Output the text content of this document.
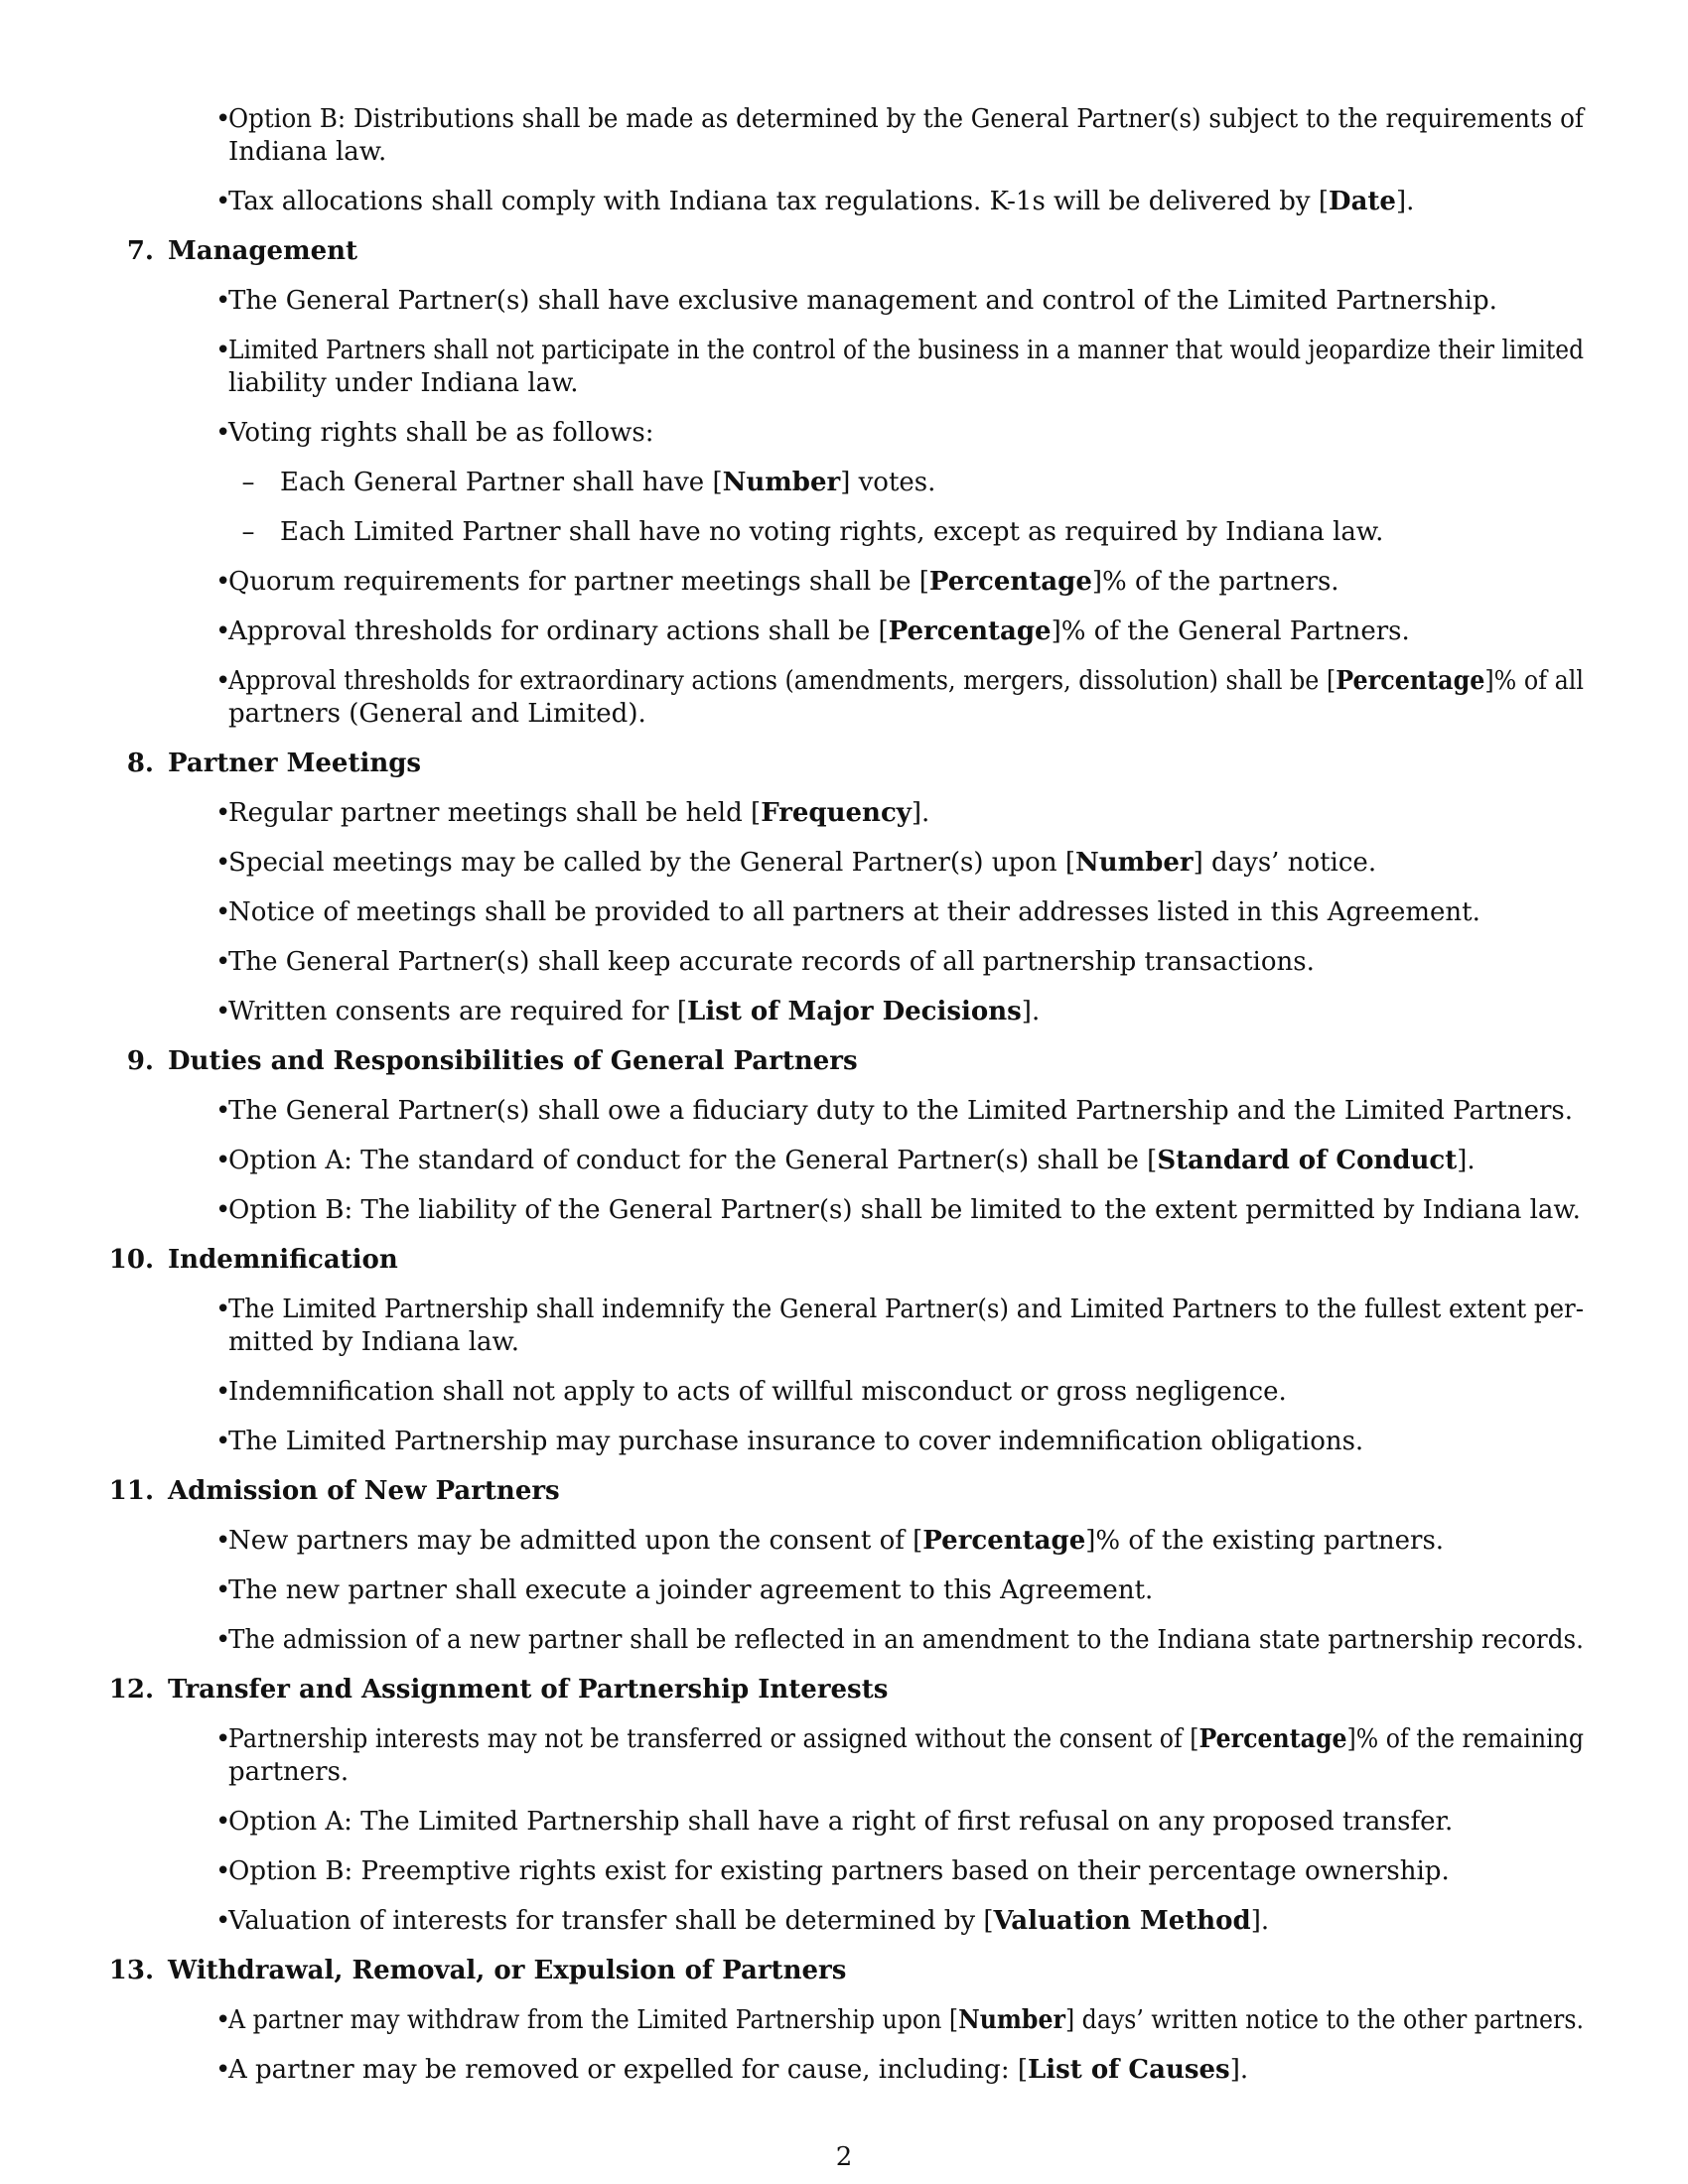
2
•
Option B: Distributions shall be made as determined by the General Partner(s) subject to the requirements of
Indiana law.
•
Tax allocations shall comply with Indiana tax regulations. K-1s will be delivered by [Date].
7. Management
•
The General Partner(s) shall have exclusive management and control of the Limited Partnership.
•
Limited Partners shall not participate in the control of the business in a manner that would jeopardize their limited
liability under Indiana law.
•
Voting rights shall be as follows:
– Each General Partner shall have [Number] votes.
– Each Limited Partner shall have no voting rights, except as required by Indiana law.
•
Quorum requirements for partner meetings shall be [Percentage]% of the partners.
•
Approval thresholds for ordinary actions shall be [Percentage]% of the General Partners.
•
Approval thresholds for extraordinary actions (amendments, mergers, dissolution) shall be [Percentage]% of all
partners (General and Limited).
8. Partner Meetings
•
Regular partner meetings shall be held [Frequency].
•
Special meetings may be called by the General Partner(s) upon [Number] days’ notice.
•
Notice of meetings shall be provided to all partners at their addresses listed in this Agreement.
•
The General Partner(s) shall keep accurate records of all partnership transactions.
•
Written consents are required for [List of Major Decisions].
9. Duties and Responsibilities of General Partners
•
The General Partner(s) shall owe a fiduciary duty to the Limited Partnership and the Limited Partners.
•
Option A: The standard of conduct for the General Partner(s) shall be [Standard of Conduct].
•
Option B: The liability of the General Partner(s) shall be limited to the extent permitted by Indiana law.
10. Indemnification
•
The Limited Partnership shall indemnify the General Partner(s) and Limited Partners to the fullest extent per-
mitted by Indiana law.
•
Indemnification shall not apply to acts of willful misconduct or gross negligence.
•
The Limited Partnership may purchase insurance to cover indemnification obligations.
11. Admission of New Partners
•
New partners may be admitted upon the consent of [Percentage]% of the existing partners.
•
The new partner shall execute a joinder agreement to this Agreement.
•
The admission of a new partner shall be reflected in an amendment to the Indiana state partnership records.
12. Transfer and Assignment of Partnership Interests
•
Partnership interests may not be transferred or assigned without the consent of [Percentage]% of the remaining
partners.
•
Option A: The Limited Partnership shall have a right of first refusal on any proposed transfer.
•
Option B: Preemptive rights exist for existing partners based on their percentage ownership.
•
Valuation of interests for transfer shall be determined by [Valuation Method].
13. Withdrawal, Removal, or Expulsion of Partners
•
A partner may withdraw from the Limited Partnership upon [Number] days’ written notice to the other partners.
•
A partner may be removed or expelled for cause, including: [List of Causes].
